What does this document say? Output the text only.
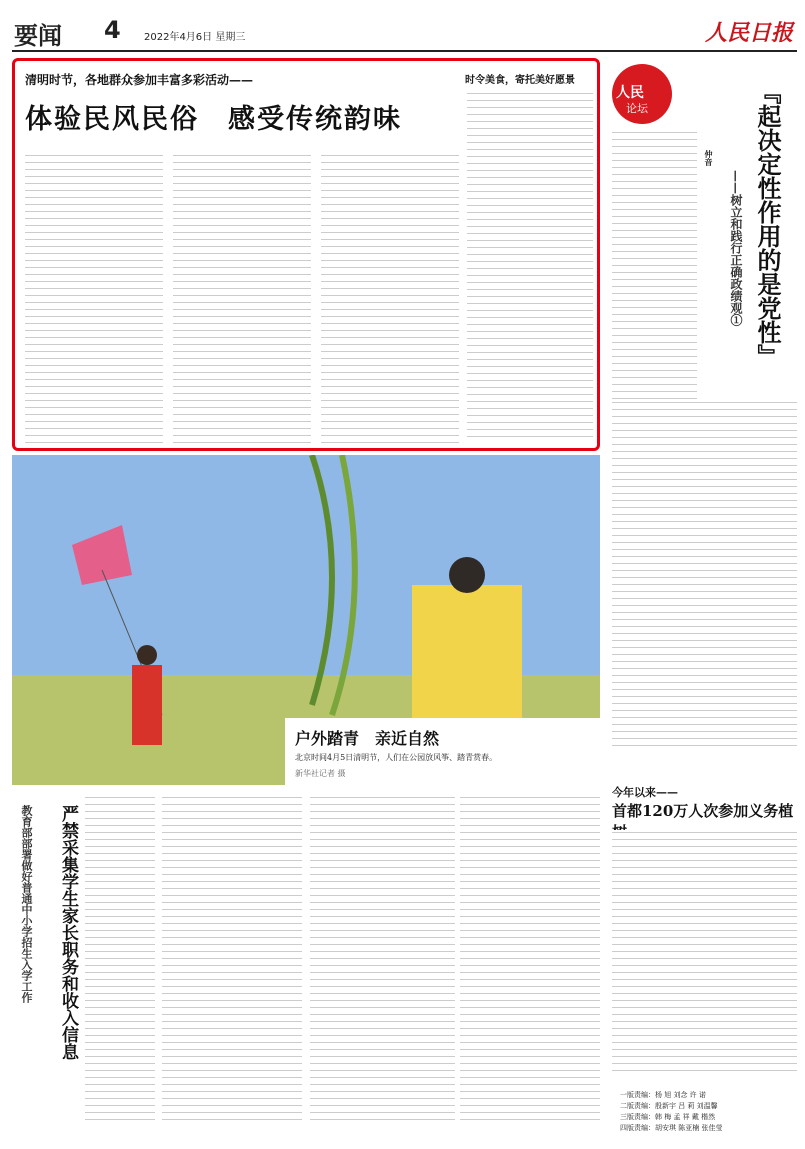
要闻 4 2022年4月6日 星期三	人民日报
清明时节，各地群众参加丰富多彩活动——
体验民风民俗　感受传统韵味
时令美食，寄托美好愿景
人民
论坛	『起决定性作用的是党性』
——树立和践行正确政绩观①
仲音
户外踏青　亲近自然
北京时间4月5日清明节，人们在公园放风筝、踏青赏春。
新华社记者 摄
严禁采集学生家长职务和收入信息
教育部部署做好普通中小学招生入学工作
今年以来——
首都120万人次参加义务植
一版责编：杨 旭 刘念 许 诺
二版责编：殷新宇 吕 莉 刘温馨
三版责编：韩 梅 孟 祥 戴 楷然
四版责编：胡安琪 陈亚楠 张佳莹
